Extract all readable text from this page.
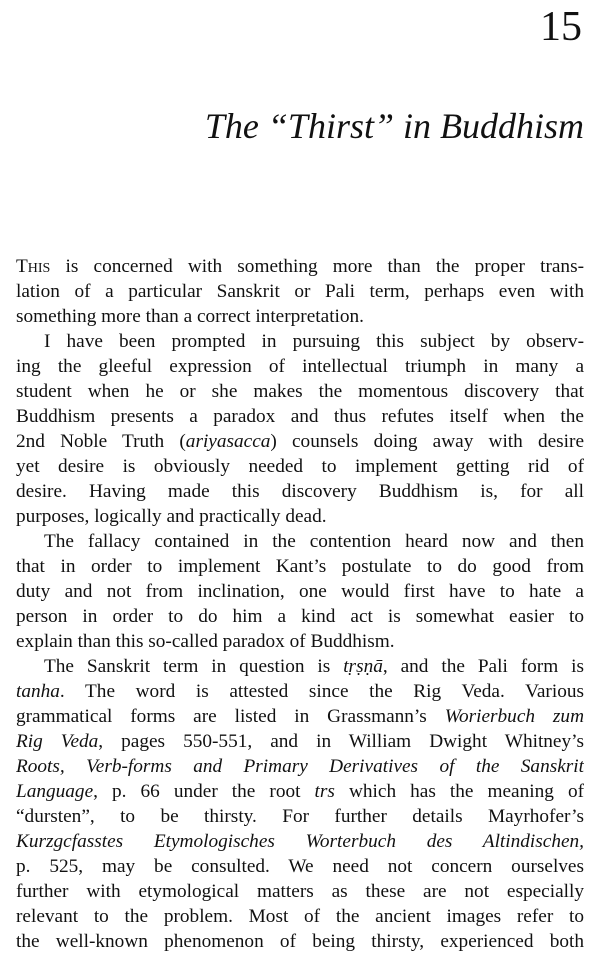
15
The “Thirst” in Buddhism
This is concerned with something more than the proper trans-
lation of a particular Sanskrit or Pali term, perhaps even with
something more than a correct interpretation.
I have been prompted in pursuing this subject by observ-
ing the gleeful expression of intellectual triumph in many a
student when he or she makes the momentous discovery that
Buddhism presents a paradox and thus refutes itself when the
2nd Noble Truth (ariyasacca) counsels doing away with desire
yet desire is obviously needed to implement getting rid of
desire. Having made this discovery Buddhism is, for all
purposes, logically and practically dead.
The fallacy contained in the contention heard now and then
that in order to implement Kant’s postulate to do good from
duty and not from inclination, one would first have to hate a
person in order to do him a kind act is somewhat easier to
explain than this so-called paradox of Buddhism.
The Sanskrit term in question is tṛṣṇā, and the Pali form is
tanha. The word is attested since the Rig Veda. Various
grammatical forms are listed in Grassmann’s Worierbuch zum
Rig Veda, pages 550-551, and in William Dwight Whitney’s
Roots, Verb-forms and Primary Derivatives of the Sanskrit
Language, p. 66 under the root trs which has the meaning of
“dursten”, to be thirsty. For further details Mayrhofer’s
Kurzgcfasstes Etymologisches Worterbuch des Altindischen,
p. 525, may be consulted. We need not concern ourselves
further with etymological matters as these are not especially
relevant to the problem. Most of the ancient images refer to
the well-known phenomenon of being thirsty, experienced both
